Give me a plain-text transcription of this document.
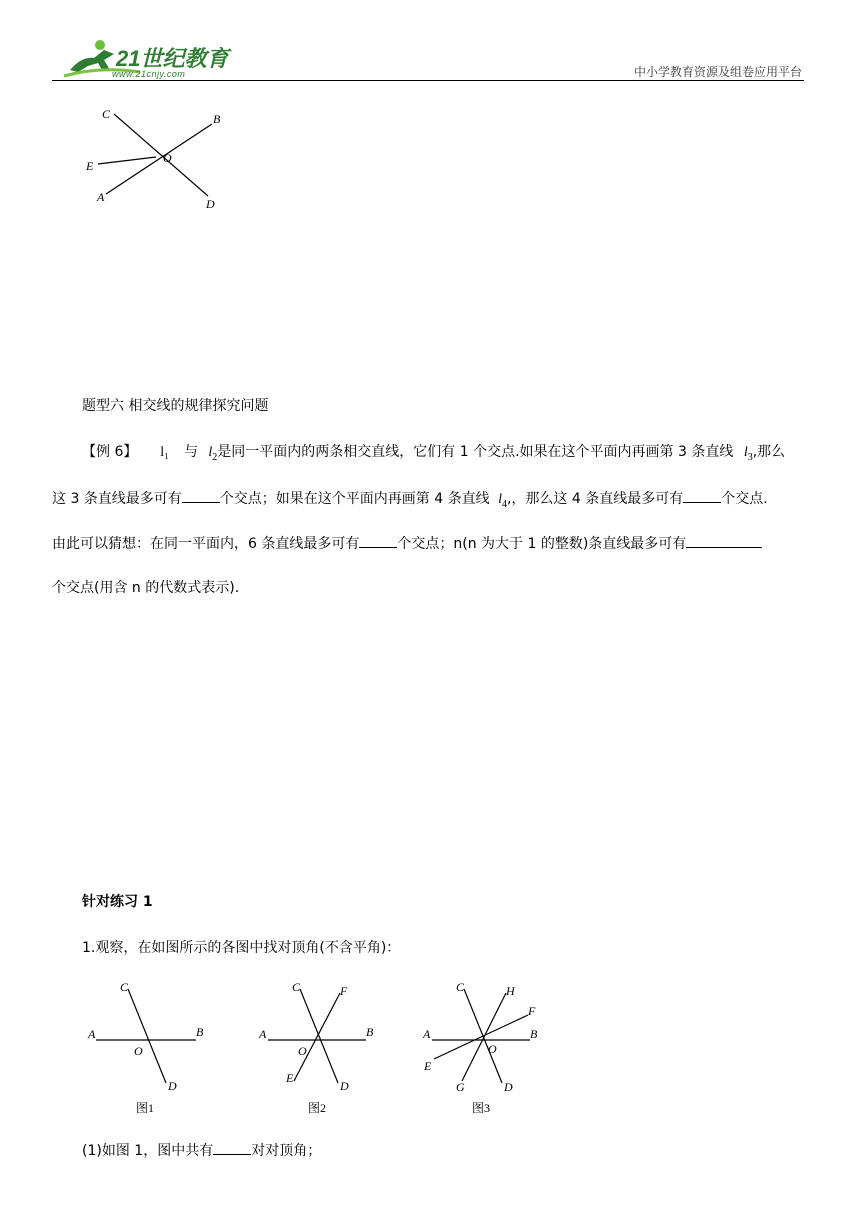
21世纪教育
www.21cnjy.com	中小学教育资源及组卷应用平台
C	B
E
O
A	D
题型六 相交线的规律探究问题
【例 6】 l₁ 与 $l_2$是同一平面内的两条相交直线，它们有 1 个交点.如果在这个平面内再画第 3 条直线 $l_3$,那么
这 3 条直线最多可有	个交点；如果在这个平面内再画第 4 条直线 $l_4$,，那么这 4 条直线最多可有	个交点.
由此可以猜想：在同一平面内，6 条直线最多可有	个交点；n(n 为大于 1 的整数)条直线最多可有
个交点(用含 n 的代数式表示).
针对练习 1
1.观察，在如图所示的各图中找对顶角(不含平角)：
C
A	B
O
D
图1
C	F
A	B
O
E
D
图2
C	H
F
A	B
O
E
G	D
图3
(1)如图 1，图中共有	对对顶角；
